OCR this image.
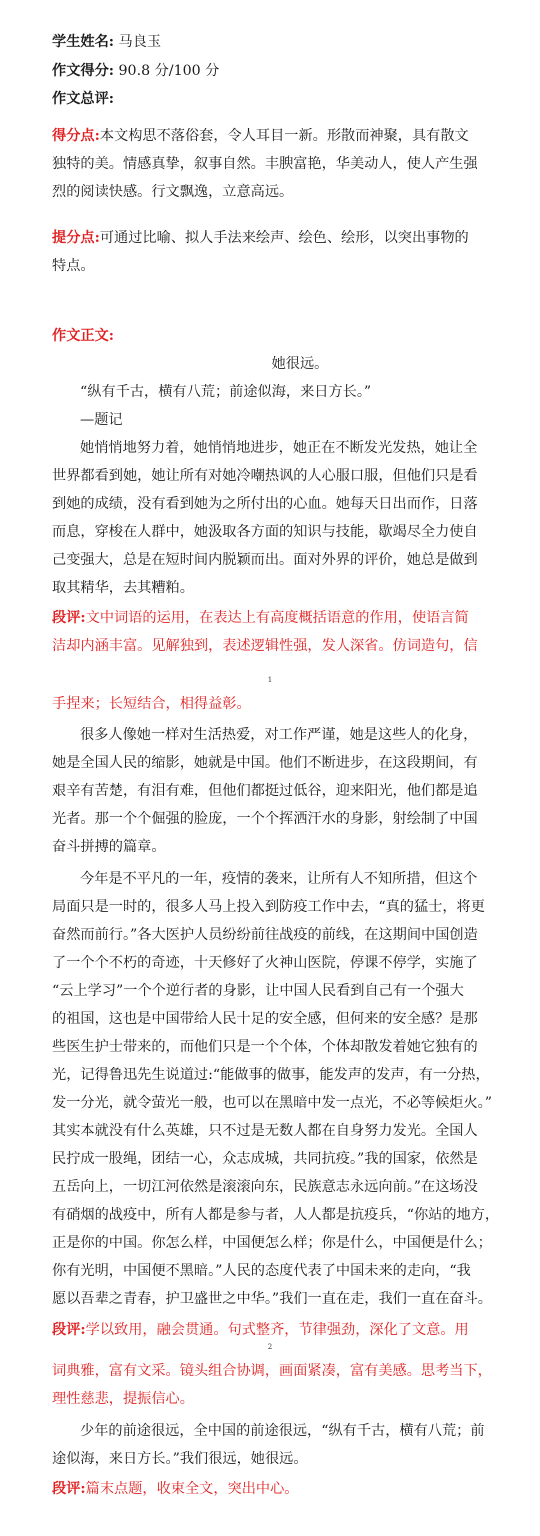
学生姓名: 马良玉
作文得分: 90.8 分/100 分
作文总评:
得分点:本文构思不落俗套，令人耳目一新。形散而神聚，具有散文
独特的美。情感真挚，叙事自然。丰腴富艳，华美动人，使人产生强
烈的阅读快感。行文飘逸，立意高远。
提分点:可通过比喻、拟人手法来绘声、绘色、绘形，以突出事物的
特点。
作文正文:
她很远。
“纵有千古，横有八荒；前途似海，来日方长。”
—题记
她悄悄地努力着，她悄悄地进步，她正在不断发光发热，她让全
世界都看到她，她让所有对她冷嘲热讽的人心服口服，但他们只是看
到她的成绩，没有看到她为之所付出的心血。她每天日出而作，日落
而息，穿梭在人群中，她汲取各方面的知识与技能，歇竭尽全力使自
己变强大，总是在短时间内脱颖而出。面对外界的评价，她总是做到
取其精华，去其糟粕。
段评:文中词语的运用，在表达上有高度概括语意的作用，使语言简
洁却内涵丰富。见解独到，表述逻辑性强，发人深省。仿词造句，信
1
手捏来；长短结合，相得益彰。
很多人像她一样对生活热爱，对工作严谨，她是这些人的化身，
她是全国人民的缩影，她就是中国。他们不断进步，在这段期间，有
艰辛有苦楚，有泪有难，但他们都挺过低谷，迎来阳光，他们都是追
光者。那一个个倔强的脸庞，一个个挥洒汗水的身影，射绘制了中国
奋斗拼搏的篇章。
今年是不平凡的一年，疫情的袭来，让所有人不知所措，但这个
局面只是一时的，很多人马上投入到防疫工作中去，“真的猛士，将更
奋然而前行。”各大医护人员纷纷前往战疫的前线，在这期间中国创造
了一个个不朽的奇迹，十天修好了火神山医院，停课不停学，实施了
“云上学习”一个个逆行者的身影，让中国人民看到自己有一个强大
的祖国，这也是中国带给人民十足的安全感，但何来的安全感？是那
些医生护士带来的，而他们只是一个个体，个体却散发着她它独有的
光，记得鲁迅先生说道过:“能做事的做事，能发声的发声，有一分热，
发一分光，就令萤光一般，也可以在黑暗中发一点光，不必等候炬火。”
其实本就没有什么英雄，只不过是无数人都在自身努力发光。全国人
民拧成一股绳，团结一心，众志成城，共同抗疫。”我的国家，依然是
五岳向上，一切江河依然是滚滚向东，民族意志永远向前。”在这场没
有硝烟的战疫中，所有人都是参与者，人人都是抗疫兵，“你站的地方，
正是你的中国。你怎么样，中国便怎么样；你是什么，中国便是什么；
你有光明，中国便不黑暗。”人民的态度代表了中国未来的走向，“我
愿以吾辈之青春，护卫盛世之中华。”我们一直在走，我们一直在奋斗。
段评:学以致用，融会贯通。句式整齐，节律强劲，深化了文意。用
2
词典雅，富有文采。镜头组合协调，画面紧凑，富有美感。思考当下，
理性慈悲，提振信心。
少年的前途很远，全中国的前途很远，“纵有千古，横有八荒；前
途似海，来日方长。”我们很远，她很远。
段评:篇末点题，收束全文，突出中心。
